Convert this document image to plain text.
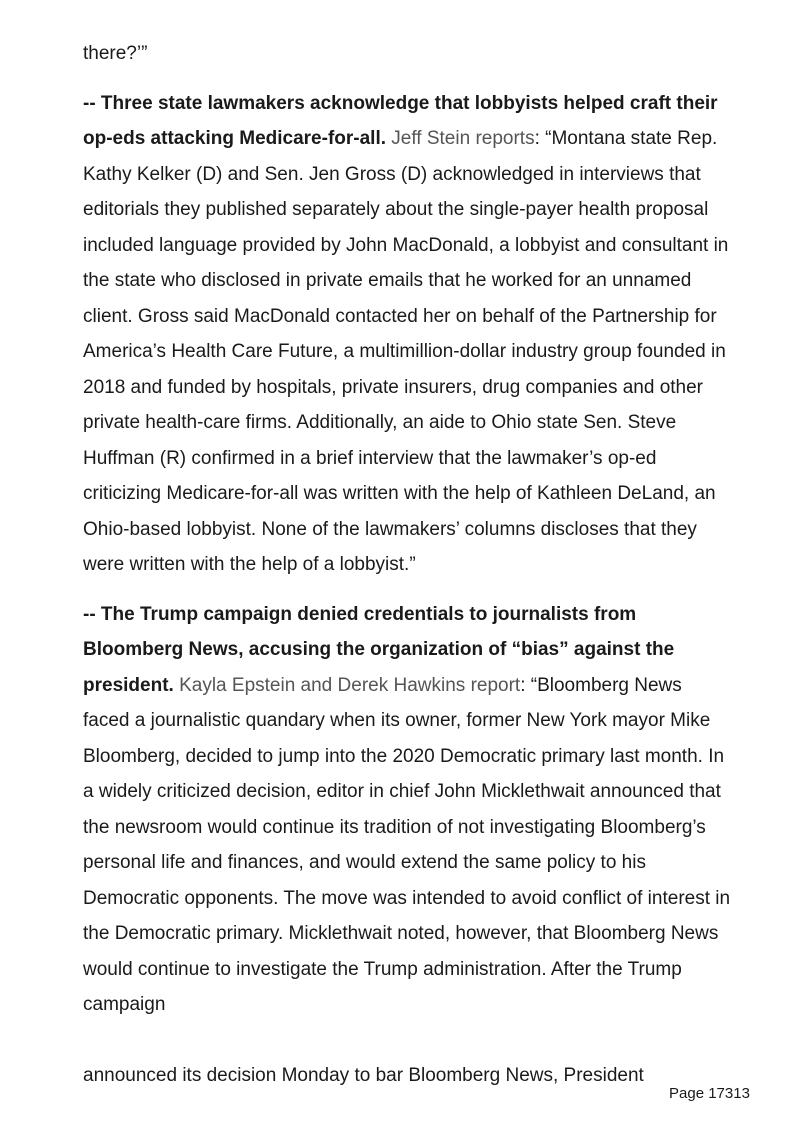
there?’”

-- Three state lawmakers acknowledge that lobbyists helped craft their op-eds attacking Medicare-for-all. Jeff Stein reports: “Montana state Rep. Kathy Kelker (D) and Sen. Jen Gross (D) acknowledged in interviews that editorials they published separately about the single-payer health proposal included language provided by John MacDonald, a lobbyist and consultant in the state who disclosed in private emails that he worked for an unnamed client. Gross said MacDonald contacted her on behalf of the Partnership for America’s Health Care Future, a multimillion-dollar industry group founded in 2018 and funded by hospitals, private insurers, drug companies and other private health-care firms. Additionally, an aide to Ohio state Sen. Steve Huffman (R) confirmed in a brief interview that the lawmaker’s op-ed criticizing Medicare-for-all was written with the help of Kathleen DeLand, an Ohio-based lobbyist. None of the lawmakers’ columns discloses that they were written with the help of a lobbyist.”

-- The Trump campaign denied credentials to journalists from Bloomberg News, accusing the organization of “bias” against the president. Kayla Epstein and Derek Hawkins report: “Bloomberg News faced a journalistic quandary when its owner, former New York mayor Mike Bloomberg, decided to jump into the 2020 Democratic primary last month. In a widely criticized decision, editor in chief John Micklethwait announced that the newsroom would continue its tradition of not investigating Bloomberg’s personal life and finances, and would extend the same policy to his Democratic opponents. The move was intended to avoid conflict of interest in the Democratic primary. Micklethwait noted, however, that Bloomberg News would continue to investigate the Trump administration. After the Trump campaign

announced its decision Monday to bar Bloomberg News, President
Page 17313
